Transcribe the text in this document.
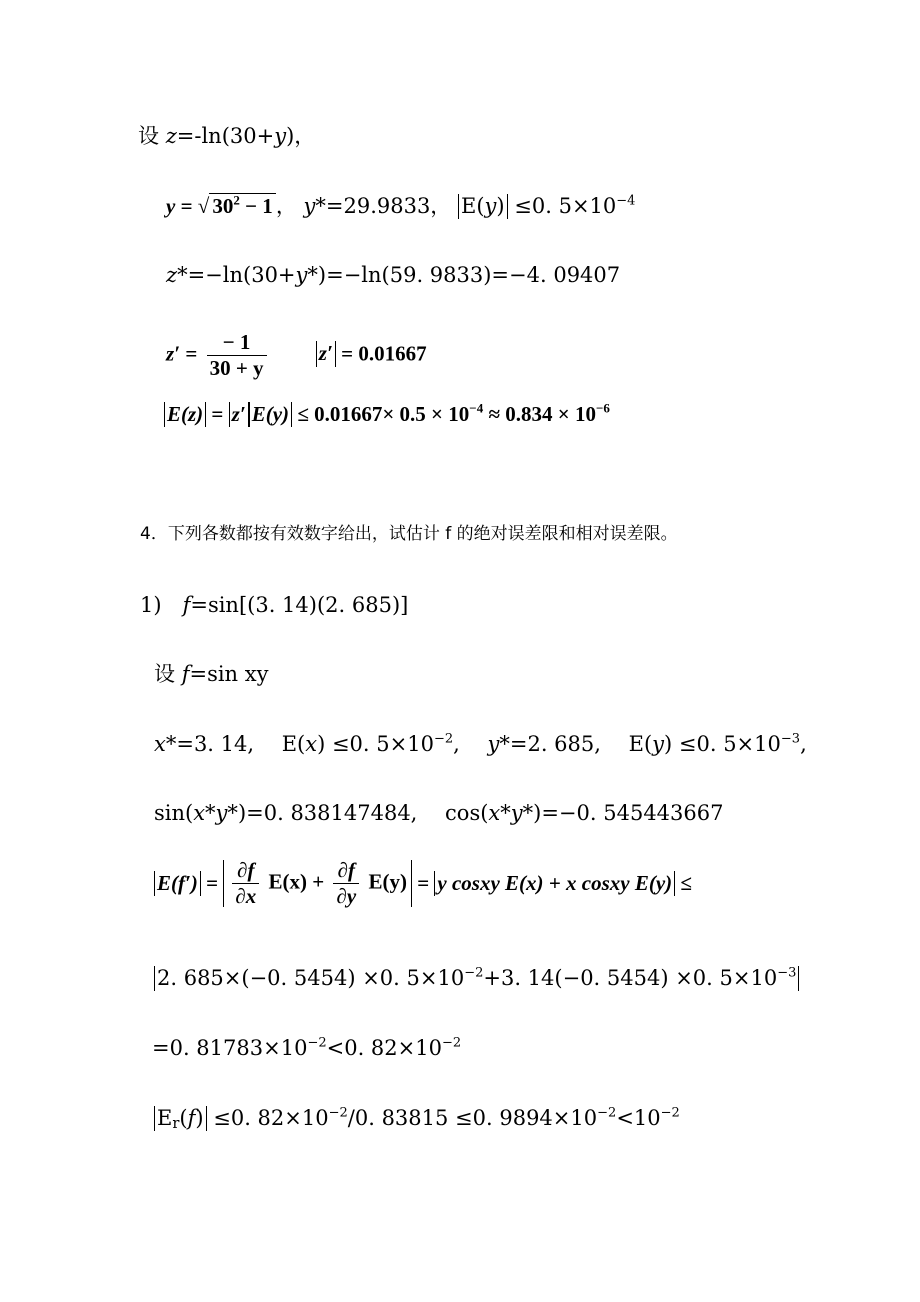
设 z=-ln(30+y)，
y = √ $30^2 - 1$ ， y*=29.9833， E(y) ≤0. $5\times 10^{-4}$
z*=−ln(30+y*)=−ln(59. 9833)=−4. 09407
$z' = \frac{- 1}{30 + y} z' = 0.01667$
E(z) = z′ $E(y) \le 0.01667\times 0.5 \times 10^{-4} \approx 0.834 \times 10^{-6}$
4．下列各数都按有效数字给出，试估计 f 的绝对误差限和相对误差限。
1)　f=sin[(3. 14)(2. 685)]
设 f=sin xy
x*=3. 14,　 E(x) ≤0. $5\times 10^{-2}$,　 y*=2. 685,　 E(y) ≤0. $5\times 10^{-3}$,
sin(x*y*)=0. 838147484,　 cos(x*y*)=−0. 545443667
$E(f') = \frac{\partial f}{\partial x} E(x) + \frac{\partial f}{\partial y} E(y) = y$ cosxy E(x) + x cosxy E(y) ≤
2. 685×(−0. 5454) ×0. $5\times 10^{-2}+3$. 14(−0. 5454) ×0. $5\times 10^{-3}$
=0. $81783\times 10^{-2}<0$. $82\times 10^{-2}$
$E_r(f) \le 0$. $82\times 10^{-2}/0$. 83815 ≤0. $9894\times 10^{-2}<10^{-2}$
